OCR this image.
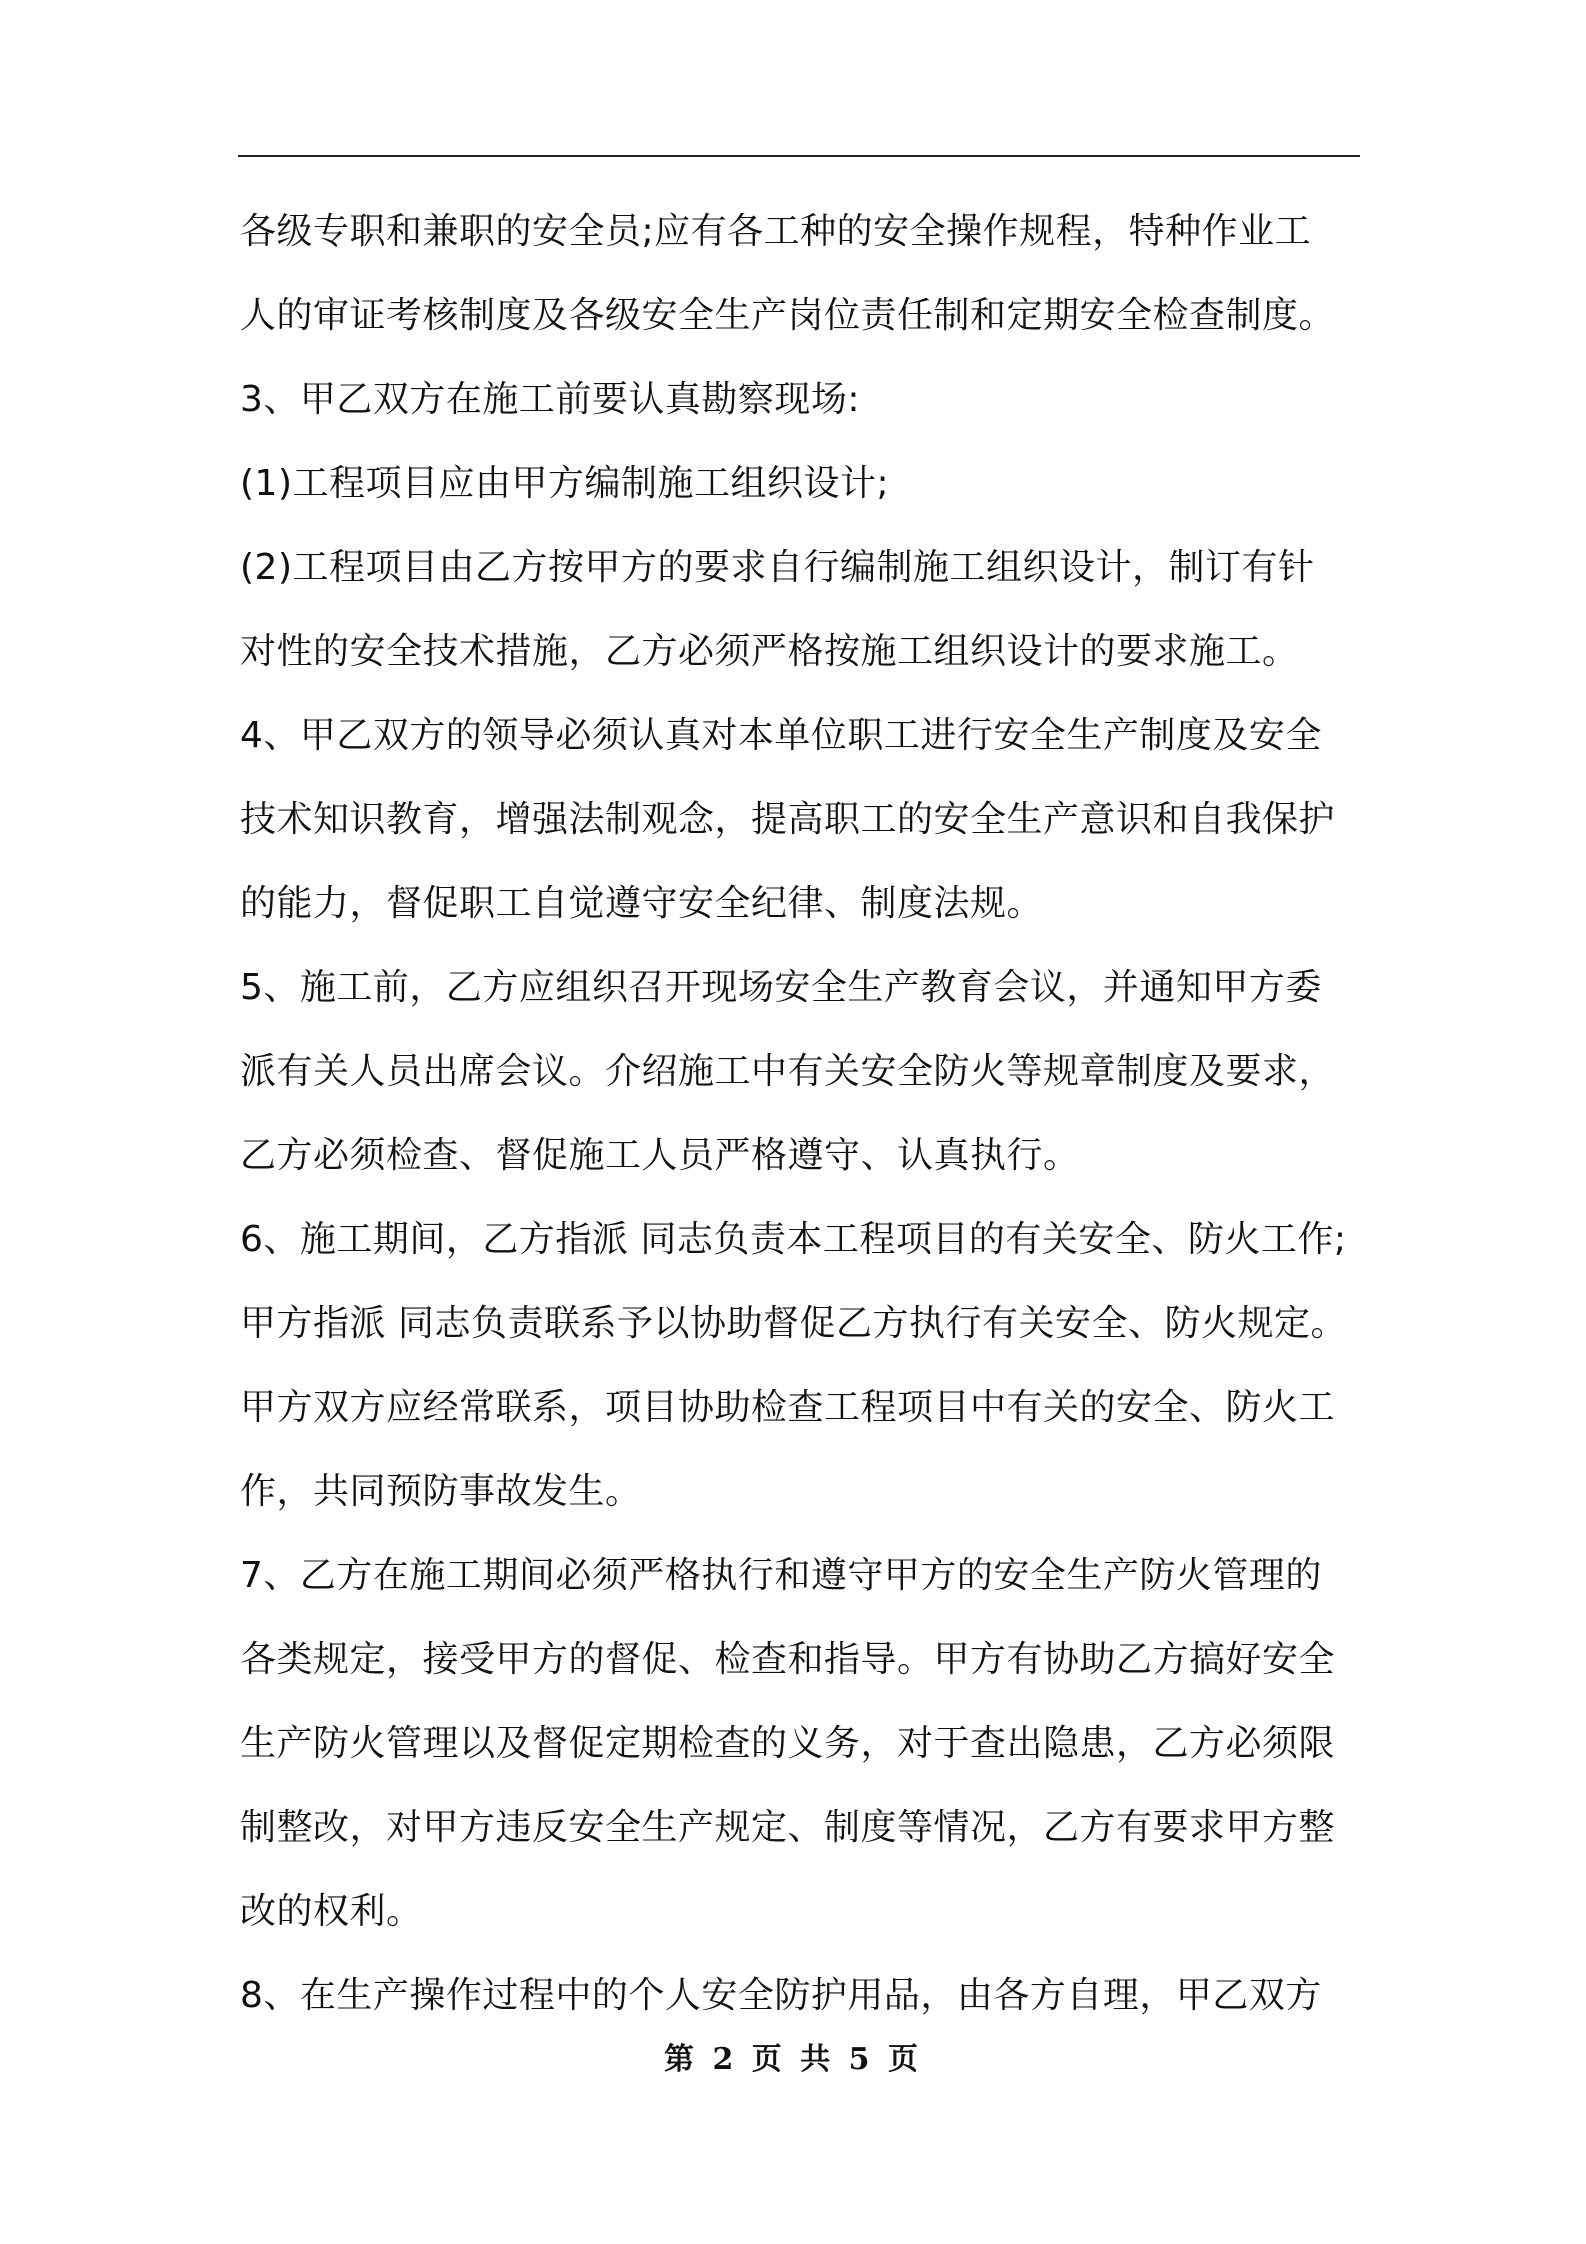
各级专职和兼职的安全员;应有各工种的安全操作规程，特种作业工
人的审证考核制度及各级安全生产岗位责任制和定期安全检查制度。
3、甲乙双方在施工前要认真勘察现场:
(1)工程项目应由甲方编制施工组织设计;
(2)工程项目由乙方按甲方的要求自行编制施工组织设计，制订有针
对性的安全技术措施，乙方必须严格按施工组织设计的要求施工。
4、甲乙双方的领导必须认真对本单位职工进行安全生产制度及安全
技术知识教育，增强法制观念，提高职工的安全生产意识和自我保护
的能力，督促职工自觉遵守安全纪律、制度法规。
5、施工前，乙方应组织召开现场安全生产教育会议，并通知甲方委
派有关人员出席会议。介绍施工中有关安全防火等规章制度及要求，
乙方必须检查、督促施工人员严格遵守、认真执行。
6、施工期间，乙方指派 同志负责本工程项目的有关安全、防火工作;
甲方指派 同志负责联系予以协助督促乙方执行有关安全、防火规定。
甲方双方应经常联系，项目协助检查工程项目中有关的安全、防火工
作，共同预防事故发生。
7、乙方在施工期间必须严格执行和遵守甲方的安全生产防火管理的
各类规定，接受甲方的督促、检查和指导。甲方有协助乙方搞好安全
生产防火管理以及督促定期检查的义务，对于查出隐患，乙方必须限
制整改，对甲方违反安全生产规定、制度等情况，乙方有要求甲方整
改的权利。
8、在生产操作过程中的个人安全防护用品，由各方自理，甲乙双方
第 2 页 共 5 页
